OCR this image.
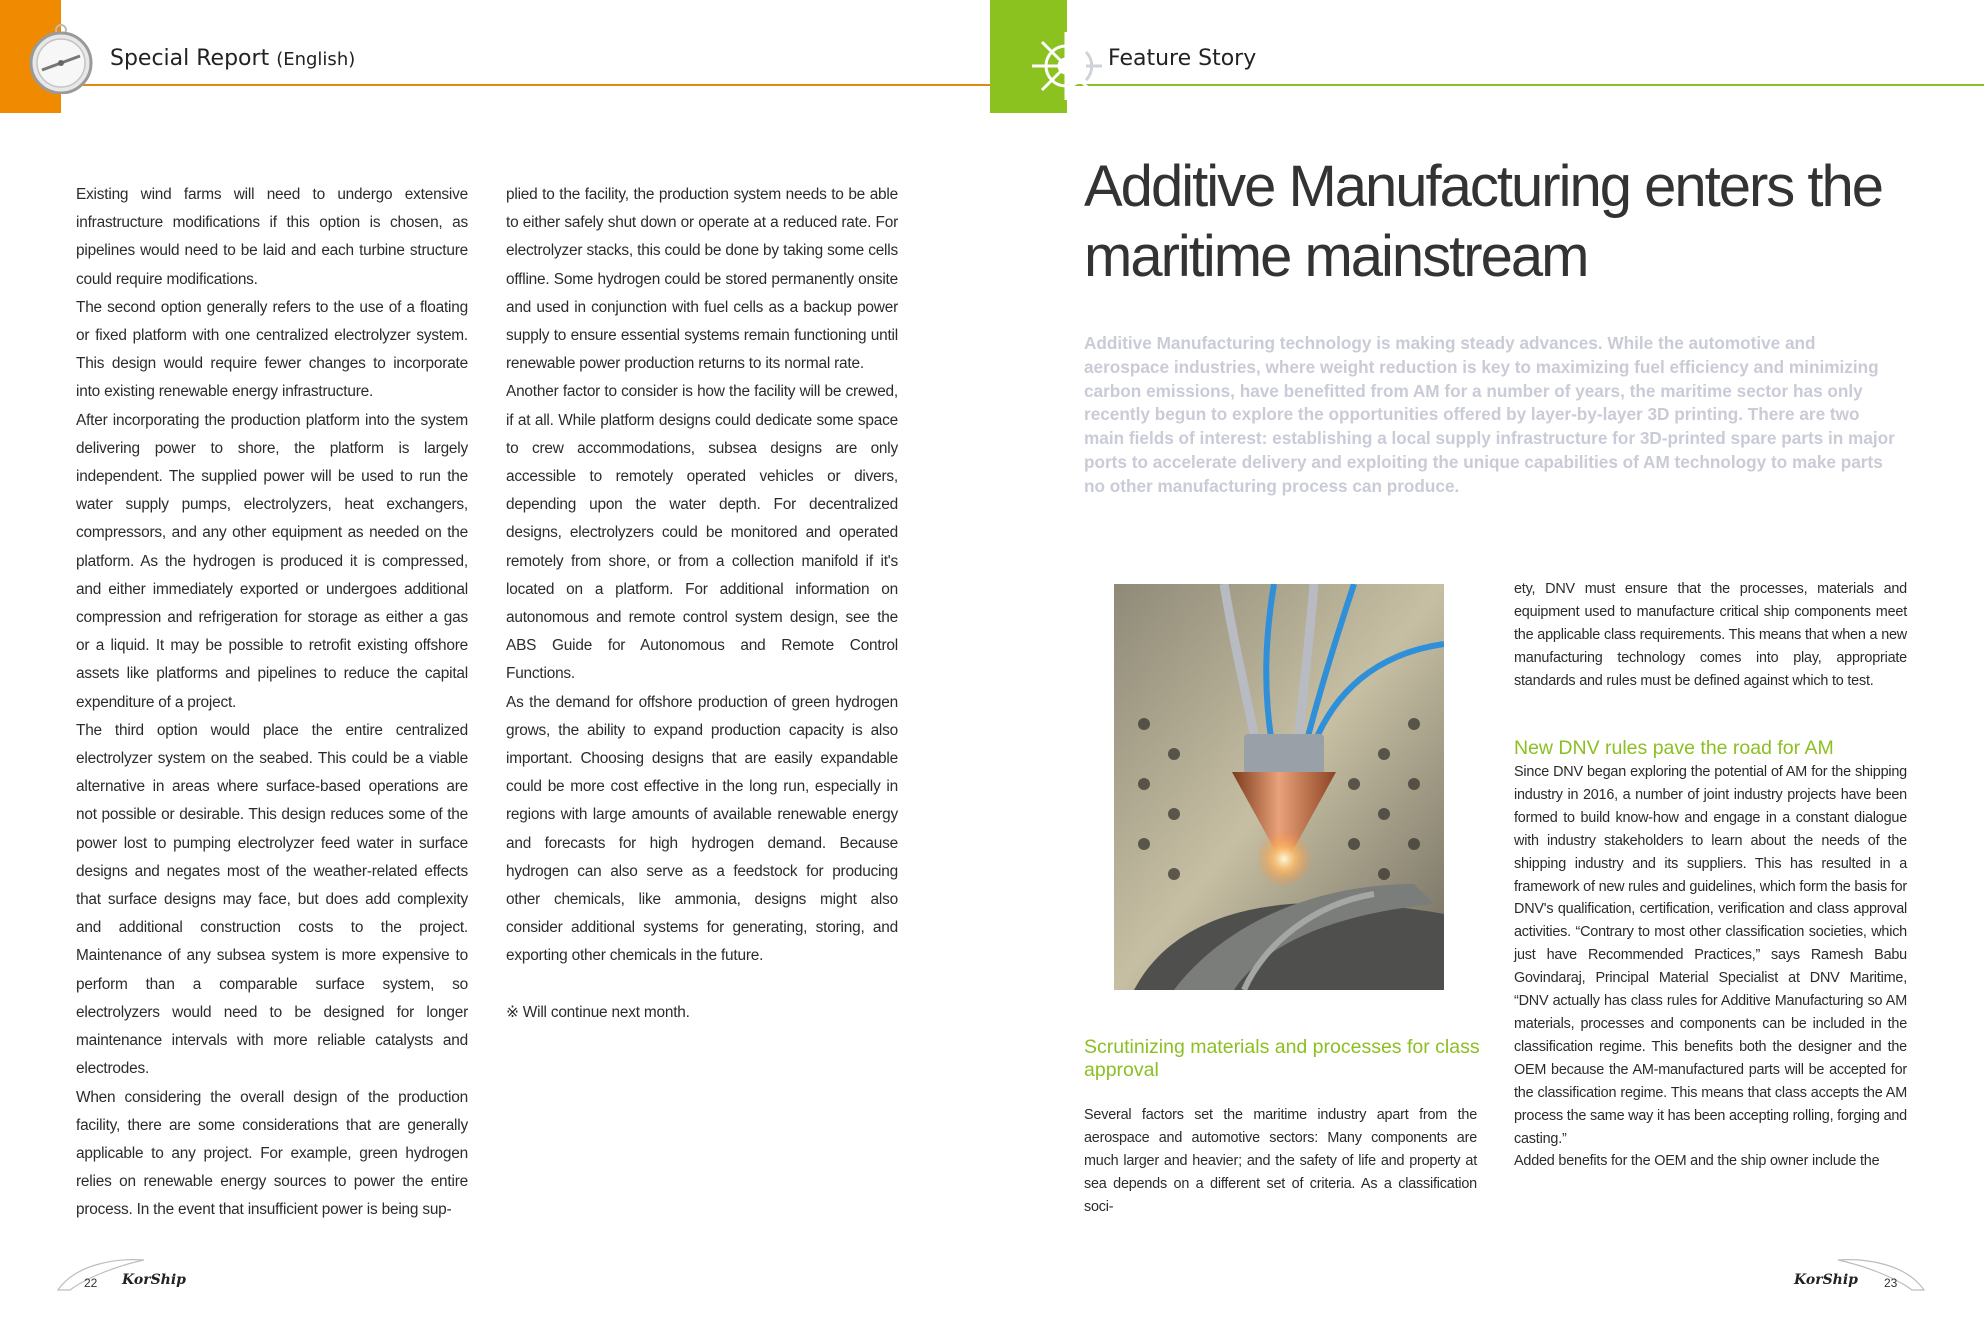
Special Report (English)	Feature Story

Existing wind farms will need to undergo extensive infrastructure modifications if this option is chosen, as pipelines would need to be laid and each turbine structure could require modifications.

The second option generally refers to the use of a floating or fixed platform with one centralized electrolyzer system. This design would require fewer changes to incorporate into existing renewable energy infrastructure.

After incorporating the production platform into the system delivering power to shore, the platform is largely independent. The supplied power will be used to run the water supply pumps, electrolyzers, heat exchangers, compressors, and any other equipment as needed on the platform. As the hydrogen is produced it is compressed, and either immediately exported or undergoes additional compression and refrigeration for storage as either a gas or a liquid. It may be possible to retrofit existing offshore assets like platforms and pipelines to reduce the capital expenditure of a project.

The third option would place the entire centralized electrolyzer system on the seabed. This could be a viable alternative in areas where surface-based operations are not possible or desirable. This design reduces some of the power lost to pumping electrolyzer feed water in surface designs and negates most of the weather-related effects that surface designs may face, but does add complexity and additional construction costs to the project. Maintenance of any subsea system is more expensive to perform than a comparable surface system, so electrolyzers would need to be designed for longer maintenance intervals with more reliable catalysts and electrodes.

When considering the overall design of the production facility, there are some considerations that are generally applicable to any project. For example, green hydrogen relies on renewable energy sources to power the entire process. In the event that insufficient power is being sup-

plied to the facility, the production system needs to be able to either safely shut down or operate at a reduced rate. For electrolyzer stacks, this could be done by taking some cells offline. Some hydrogen could be stored permanently onsite and used in conjunction with fuel cells as a backup power supply to ensure essential systems remain functioning until renewable power production returns to its normal rate.

Another factor to consider is how the facility will be crewed, if at all. While platform designs could dedicate some space to crew accommodations, subsea designs are only accessible to remotely operated vehicles or divers, depending upon the water depth. For decentralized designs, electrolyzers could be monitored and operated remotely from shore, or from a collection manifold if it's located on a platform. For additional information on autonomous and remote control system design, see the ABS Guide for Autonomous and Remote Control Functions.

As the demand for offshore production of green hydrogen grows, the ability to expand production capacity is also important. Choosing designs that are easily expandable could be more cost effective in the long run, especially in regions with large amounts of available renewable energy and forecasts for high hydrogen demand. Because hydrogen can also serve as a feedstock for producing other chemicals, like ammonia, designs might also consider additional systems for generating, storing, and exporting other chemicals in the future.

※ Will continue next month.

Additive Manufacturing enters the maritime mainstream
Additive Manufacturing technology is making steady advances. While the automotive and aerospace industries, where weight reduction is key to maximizing fuel efficiency and minimizing carbon emissions, have benefitted from AM for a number of years, the maritime sector has only recently begun to explore the opportunities offered by layer-by-layer 3D printing. There are two main fields of interest: establishing a local supply infrastructure for 3D-printed spare parts in major ports to accelerate delivery and exploiting the unique capabilities of AM technology to make parts no other manufacturing process can produce.
Scrutinizing materials and processes for class approval

Several factors set the maritime industry apart from the aerospace and automotive sectors: Many components are much larger and heavier; and the safety of life and property at sea depends on a different set of criteria. As a classification soci-

ety, DNV must ensure that the processes, materials and equipment used to manufacture critical ship components meet the applicable class requirements. This means that when a new manufacturing technology comes into play, appropriate standards and rules must be defined against which to test.

New DNV rules pave the road for AM

Since DNV began exploring the potential of AM for the shipping industry in 2016, a number of joint industry projects have been formed to build know-how and engage in a constant dialogue with industry stakeholders to learn about the needs of the shipping industry and its suppliers. This has resulted in a framework of new rules and guidelines, which form the basis for DNV's qualification, certification, verification and class approval activities. “Contrary to most other classification societies, which just have Recommended Practices,” says Ramesh Babu Govindaraj, Principal Material Specialist at DNV Maritime, “DNV actually has class rules for Additive Manufacturing so AM materials, processes and components can be included in the classification regime. This benefits both the designer and the OEM because the AM-manufactured parts will be accepted for the classification regime. This means that class accepts the AM process the same way it has been accepting rolling, forging and casting.”

Added benefits for the OEM and the ship owner include the

22 KorShip	KorShip 23
